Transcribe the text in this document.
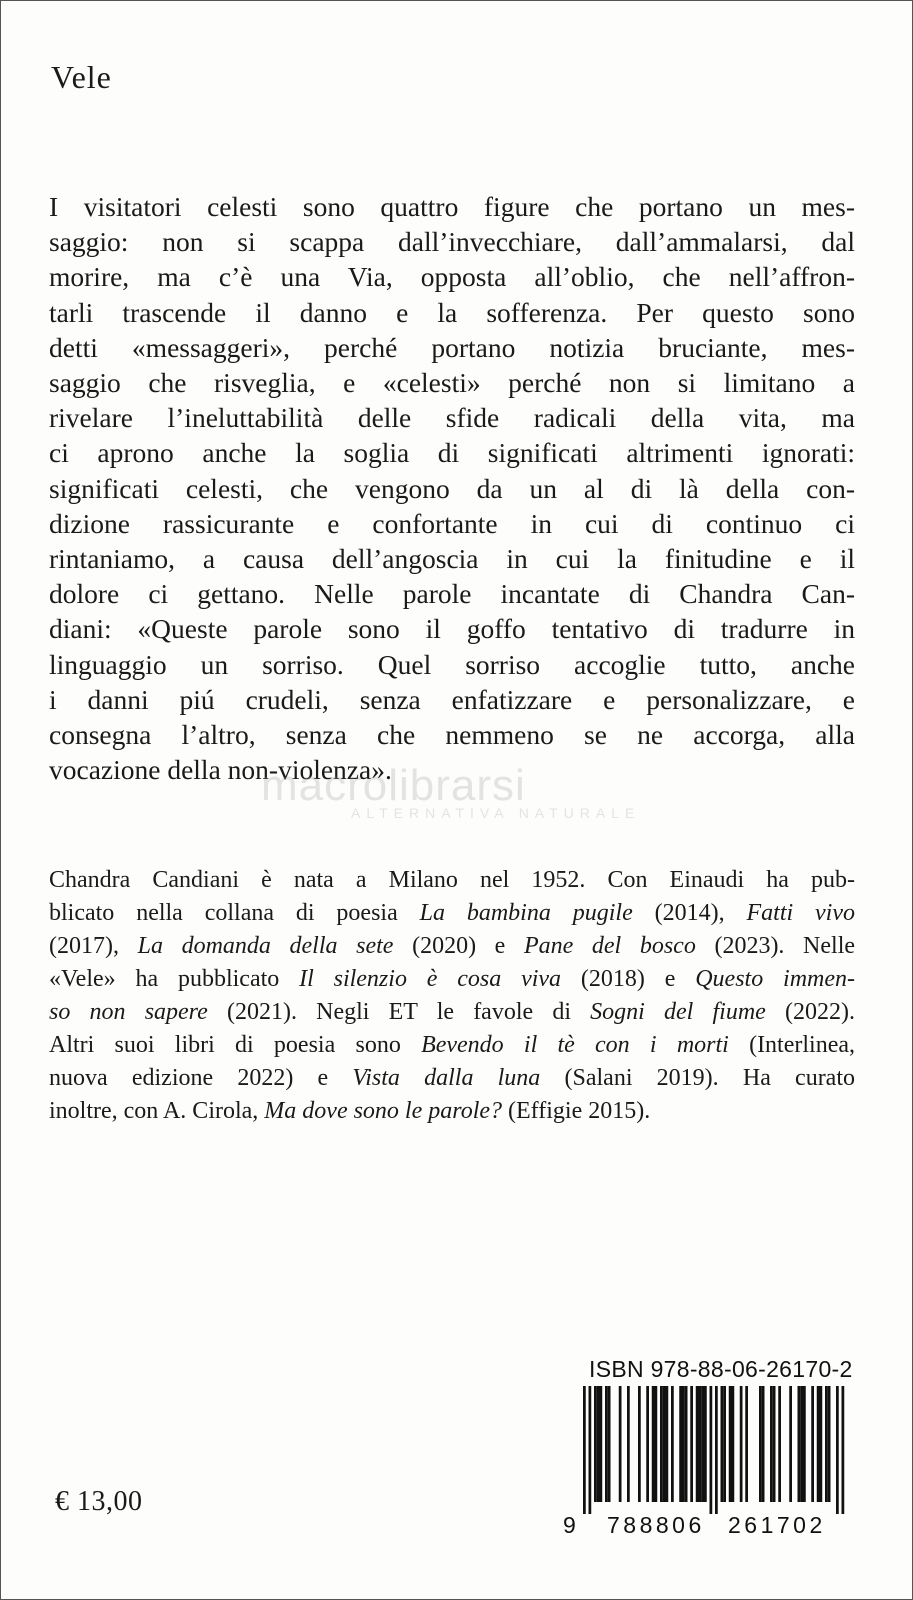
Vele
I visitatori celesti sono quattro figure che portano un mes-
saggio: non si scappa dall’invecchiare, dall’ammalarsi, dal
morire, ma c’è una Via, opposta all’oblio, che nell’affron-
tarli trascende il danno e la sofferenza. Per questo sono
detti «messaggeri», perché portano notizia bruciante, mes-
saggio che risveglia, e «celesti» perché non si limitano a
rivelare l’ineluttabilità delle sfide radicali della vita, ma
ci aprono anche la soglia di significati altrimenti ignorati:
significati celesti, che vengono da un al di là della con-
dizione rassicurante e confortante in cui di continuo ci
rintaniamo, a causa dell’angoscia in cui la finitudine e il
dolore ci gettano. Nelle parole incantate di Chandra Can-
diani: «Queste parole sono il goffo tentativo di tradurre in
linguaggio un sorriso. Quel sorriso accoglie tutto, anche
i danni piú crudeli, senza enfatizzare e personalizzare, e
consegna l’altro, senza che nemmeno se ne accorga, alla
vocazione della non-violenza».
macrolibrarsi
ALTERNATIVA NATURALE
Chandra Candiani è nata a Milano nel 1952. Con Einaudi ha pub-
blicato nella collana di poesia La bambina pugile (2014), Fatti vivo
(2017), La domanda della sete (2020) e Pane del bosco (2023). Nelle
«Vele» ha pubblicato Il silenzio è cosa viva (2018) e Questo immen-
so non sapere (2021). Negli ET le favole di Sogni del fiume (2022).
Altri suoi libri di poesia sono Bevendo il tè con i morti (Interlinea,
nuova edizione 2022) e Vista dalla luna (Salani 2019). Ha curato
inoltre, con A. Cirola, Ma dove sono le parole? (Effigie 2015).
ISBN 978-88-06-26170-2
9 788806 261702
€ 13,00
